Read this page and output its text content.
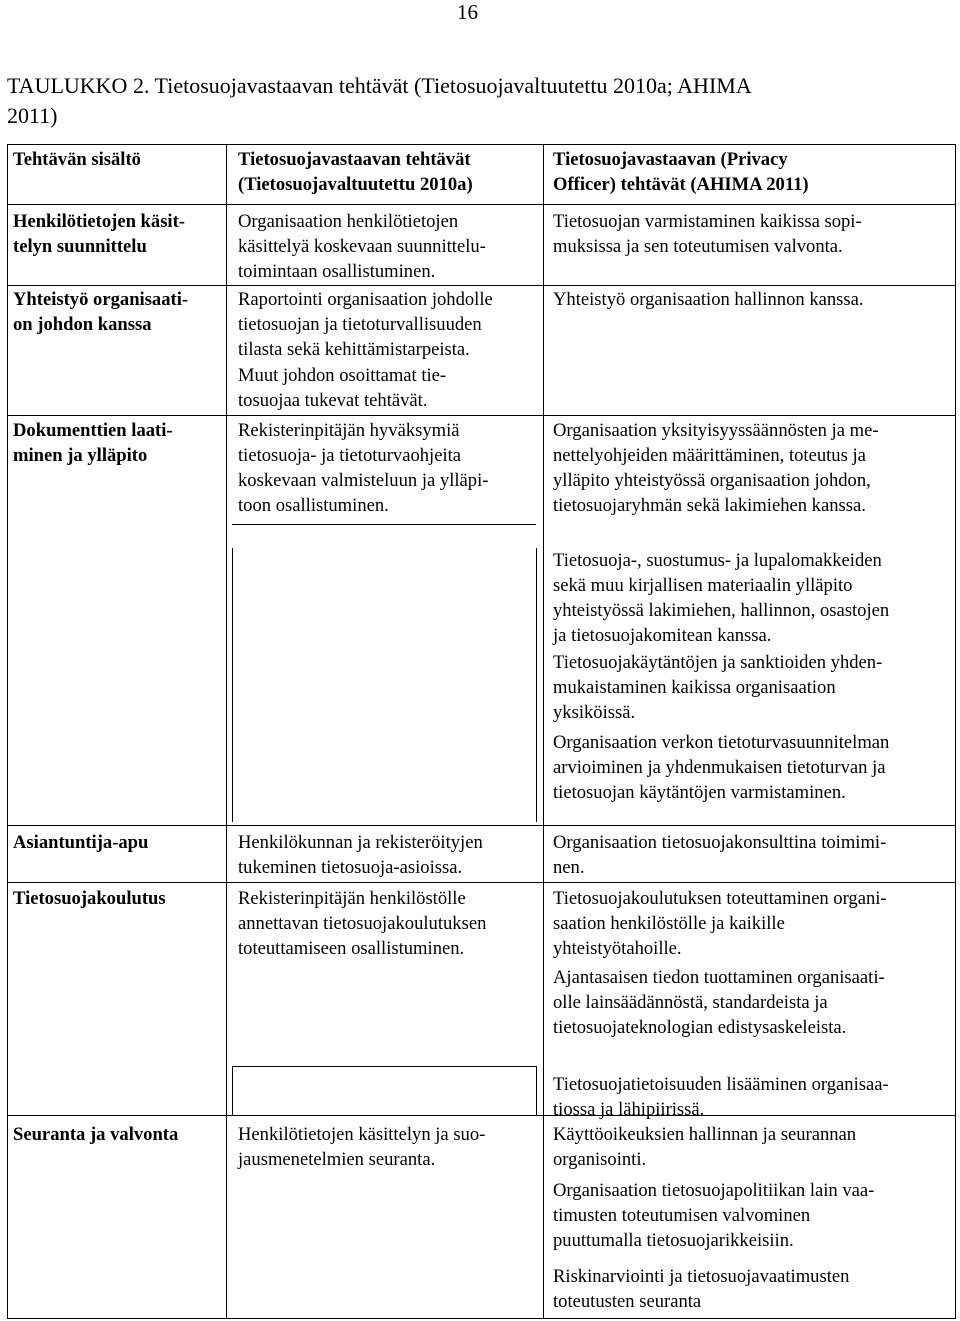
16
TAULUKKO 2. Tietosuojavastaavan tehtävät (Tietosuojavaltuutettu 2010a; AHIMA
2011)
Tehtävän sisältö	Tietosuojavastaavan tehtävät
(Tietosuojavaltuutettu 2010a)
Tietosuojavastaavan (Privacy
Officer) tehtävät (AHIMA 2011)
Henkilötietojen käsit-
telyn suunnittelu
Yhteistyö organisaati-
on johdon kanssa
Dokumenttien laati-
minen ja ylläpito
Asiantuntija-apu
Tietosuojakoulutus
Seuranta ja valvonta
Organisaation henkilötietojen
käsittelyä koskevaan suunnittelu-
toimintaan osallistuminen.
Raportointi organisaation johdolle
tietosuojan ja tietoturvallisuuden
tilasta sekä kehittämistarpeista.
Muut johdon osoittamat tie-
tosuojaa tukevat tehtävät.
Rekisterinpitäjän hyväksymiä
tietosuoja- ja tietoturvaohjeita
koskevaan valmisteluun ja ylläpi-
toon osallistuminen.
Henkilökunnan ja rekisteröityjen
tukeminen tietosuoja-asioissa.
Rekisterinpitäjän henkilöstölle
annettavan tietosuojakoulutuksen
toteuttamiseen osallistuminen.
Henkilötietojen käsittelyn ja suo-
jausmenetelmien seuranta.
Tietosuojan varmistaminen kaikissa sopi-
muksissa ja sen toteutumisen valvonta.
Yhteistyö organisaation hallinnon kanssa.
Organisaation yksityisyyssäännösten ja me-
nettelyohjeiden määrittäminen, toteutus ja
ylläpito yhteistyössä organisaation johdon,
tietosuojaryhmän sekä lakimiehen kanssa.
Tietosuoja-, suostumus- ja lupalomakkeiden
sekä muu kirjallisen materiaalin ylläpito
yhteistyössä lakimiehen, hallinnon, osastojen
ja tietosuojakomitean kanssa.
Tietosuojakäytäntöjen ja sanktioiden yhden-
mukaistaminen kaikissa organisaation
yksiköissä.
Organisaation verkon tietoturvasuunnitelman
arvioiminen ja yhdenmukaisen tietoturvan ja
tietosuojan käytäntöjen varmistaminen.
Organisaation tietosuojakonsulttina toimimi-
nen.
Tietosuojakoulutuksen toteuttaminen organi-
saation henkilöstölle ja kaikille
yhteistyötahoille.
Ajantasaisen tiedon tuottaminen organisaati-
olle lainsäädännöstä, standardeista ja
tietosuojateknologian edistysaskeleista.
Tietosuojatietoisuuden lisääminen organisaa-
tiossa ja lähipiirissä.
Käyttöoikeuksien hallinnan ja seurannan
organisointi.
Organisaation tietosuojapolitiikan lain vaa-
timusten toteutumisen valvominen
puuttumalla tietosuojarikkeisiin.
Riskinarviointi ja tietosuojavaatimusten
toteutusten seuranta
